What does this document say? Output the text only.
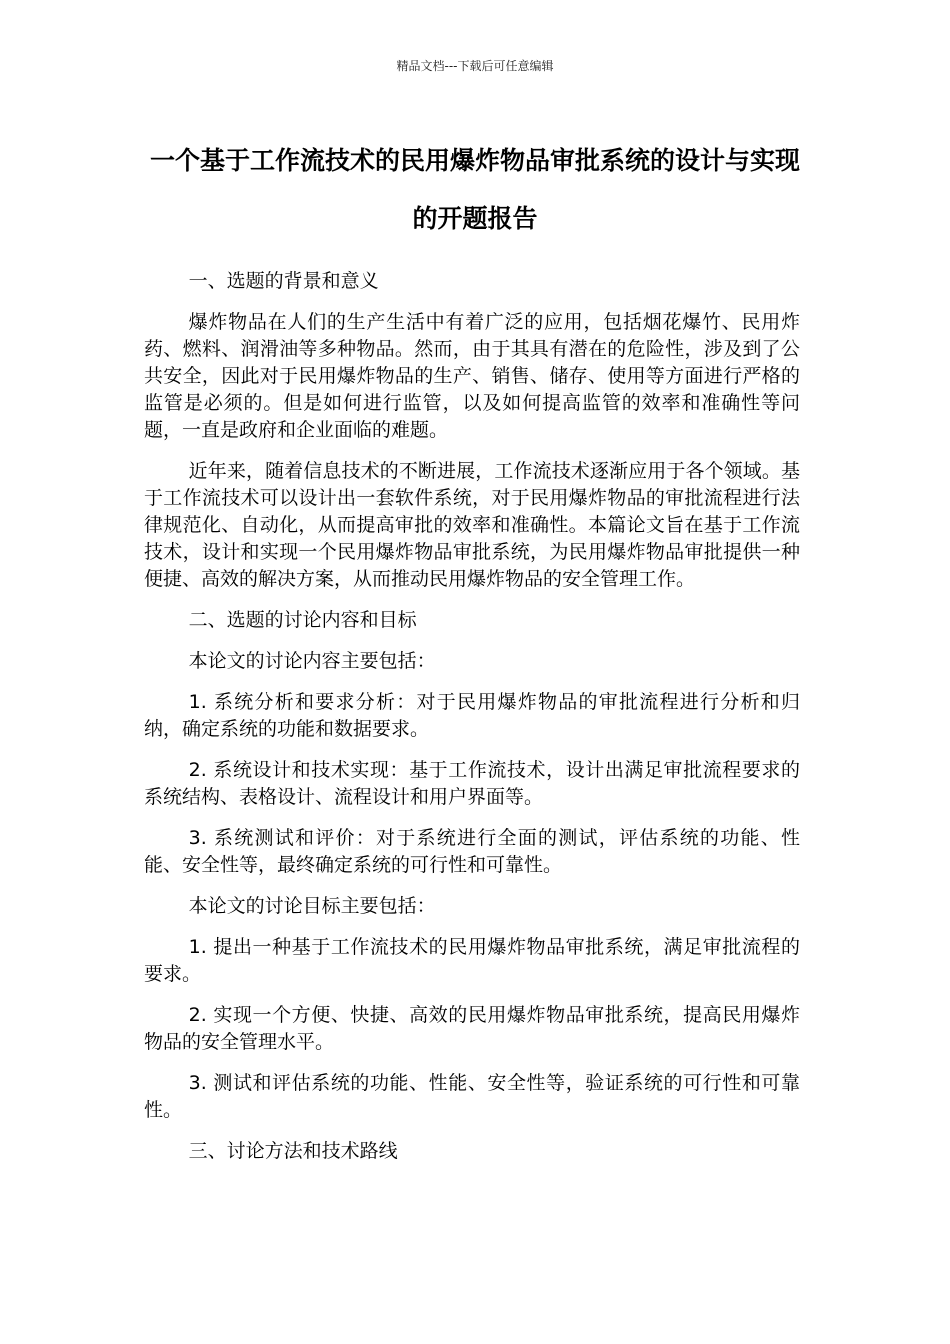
精品文档---下载后可任意编辑
一个基于工作流技术的民用爆炸物品审批系统的设计与实现的开题报告

一、选题的背景和意义

爆炸物品在人们的生产生活中有着广泛的应用，包括烟花爆竹、民用炸药、燃料、润滑油等多种物品。然而，由于其具有潜在的危险性，涉及到了公共安全，因此对于民用爆炸物品的生产、销售、储存、使用等方面进行严格的监管是必须的。但是如何进行监管，以及如何提高监管的效率和准确性等问题，一直是政府和企业面临的难题。

近年来，随着信息技术的不断进展，工作流技术逐渐应用于各个领域。基于工作流技术可以设计出一套软件系统，对于民用爆炸物品的审批流程进行法律规范化、自动化，从而提高审批的效率和准确性。本篇论文旨在基于工作流技术，设计和实现一个民用爆炸物品审批系统，为民用爆炸物品审批提供一种便捷、高效的解决方案，从而推动民用爆炸物品的安全管理工作。

二、选题的讨论内容和目标

本论文的讨论内容主要包括：

1. 系统分析和要求分析：对于民用爆炸物品的审批流程进行分析和归纳，确定系统的功能和数据要求。

2. 系统设计和技术实现：基于工作流技术，设计出满足审批流程要求的系统结构、表格设计、流程设计和用户界面等。

3. 系统测试和评价：对于系统进行全面的测试，评估系统的功能、性能、安全性等，最终确定系统的可行性和可靠性。

本论文的讨论目标主要包括：

1. 提出一种基于工作流技术的民用爆炸物品审批系统，满足审批流程的要求。

2. 实现一个方便、快捷、高效的民用爆炸物品审批系统，提高民用爆炸物品的安全管理水平。

3. 测试和评估系统的功能、性能、安全性等，验证系统的可行性和可靠性。

三、讨论方法和技术路线
